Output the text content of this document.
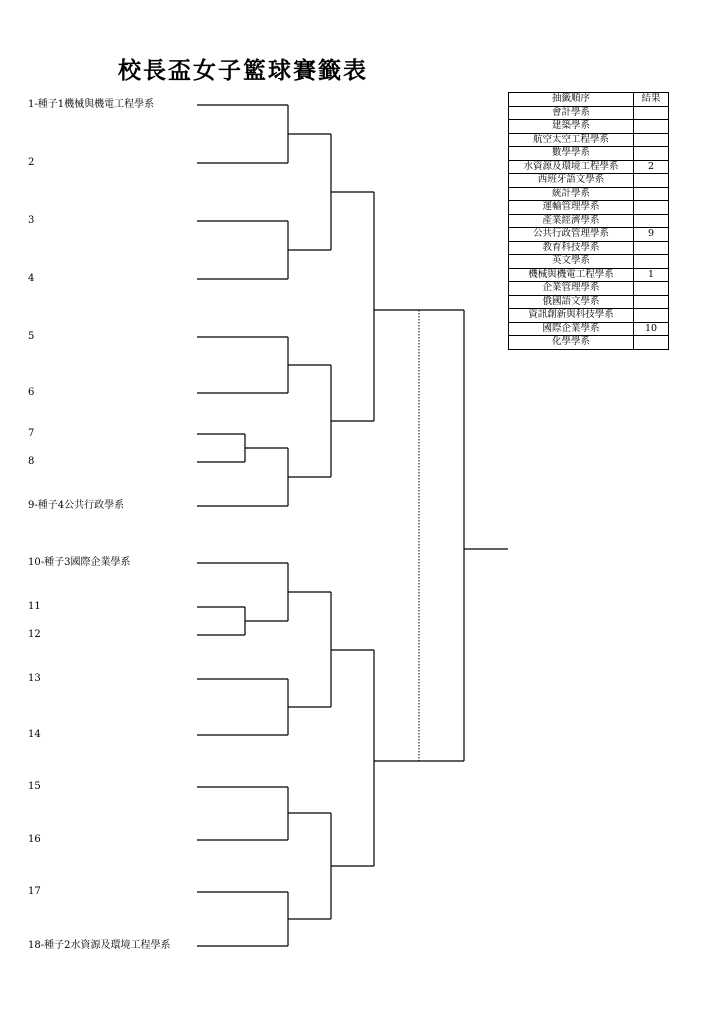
校長盃女子籃球賽籤表
1-種子1機械與機電工程學系
2
3
4
5
6
7
8
9-種子4公共行政學系
10-種子3國際企業學系
11
12
13
14
15
16
17
18-種子2水資源及環境工程學系
抽籤順序	結果
會計學系	
建築學系	
航空太空工程學系	
數學學系	
水資源及環境工程學系	2
西班牙語文學系	
統計學系	
運輸管理學系	
產業經濟學系	
公共行政管理學系	9
教育科技學系	
英文學系	
機械與機電工程學系	1
企業管理學系	
俄國語文學系	
資訊創新與科技學系	
國際企業學系	10
化學學系	
